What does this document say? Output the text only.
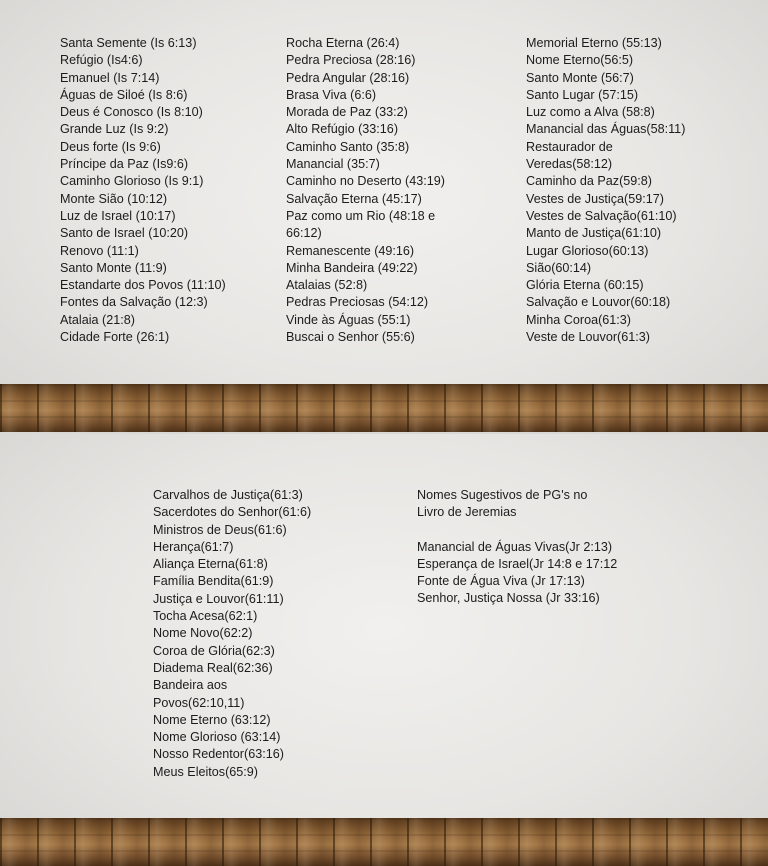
Santa Semente (Is 6:13)
Refúgio (Is4:6)
Emanuel (Is 7:14)
Águas de Siloé (Is 8:6)
Deus é Conosco (Is 8:10)
Grande Luz (Is 9:2)
Deus forte (Is 9:6)
Príncipe da Paz (Is9:6)
Caminho Glorioso (Is 9:1)
Monte Sião (10:12)
Luz de Israel (10:17)
Santo de Israel (10:20)
Renovo (11:1)
Santo Monte (11:9)
Estandarte dos Povos (11:10)
Fontes da Salvação (12:3)
Atalaia (21:8)
Cidade Forte (26:1)
Rocha Eterna (26:4)
Pedra Preciosa (28:16)
Pedra Angular (28:16)
Brasa Viva (6:6)
Morada de Paz (33:2)
Alto Refúgio (33:16)
Caminho Santo (35:8)
Manancial (35:7)
Caminho no Deserto (43:19)
Salvação Eterna (45:17)
Paz como um Rio (48:18 e
66:12)
Remanescente (49:16)
Minha Bandeira (49:22)
Atalaias (52:8)
Pedras Preciosas (54:12)
Vinde às Águas (55:1)
Buscai o Senhor (55:6)
Memorial Eterno (55:13)
Nome Eterno(56:5)
Santo Monte (56:7)
Santo Lugar (57:15)
Luz como a Alva (58:8)
Manancial das Águas(58:11)
Restaurador de
Veredas(58:12)
Caminho da Paz(59:8)
Vestes de Justiça(59:17)
Vestes de Salvação(61:10)
Manto de Justiça(61:10)
Lugar Glorioso(60:13)
Sião(60:14)
Glória Eterna (60:15)
Salvação e Louvor(60:18)
Minha Coroa(61:3)
Veste de Louvor(61:3)
Carvalhos de Justiça(61:3)
Sacerdotes do Senhor(61:6)
Ministros de Deus(61:6)
Herança(61:7)
Aliança Eterna(61:8)
Família Bendita(61:9)
Justiça e Louvor(61:11)
Tocha Acesa(62:1)
Nome Novo(62:2)
Coroa de Glória(62:3)
Diadema Real(62:36)
Bandeira aos
Povos(62:10,11)
Nome Eterno (63:12)
Nome Glorioso (63:14)
Nosso Redentor(63:16)
Meus Eleitos(65:9)
Nomes Sugestivos de PG's no
Livro de Jeremias
Manancial de Águas Vivas(Jr 2:13)
Esperança de Israel(Jr 14:8 e 17:12
Fonte de Água Viva (Jr 17:13)
Senhor, Justiça Nossa (Jr 33:16)
